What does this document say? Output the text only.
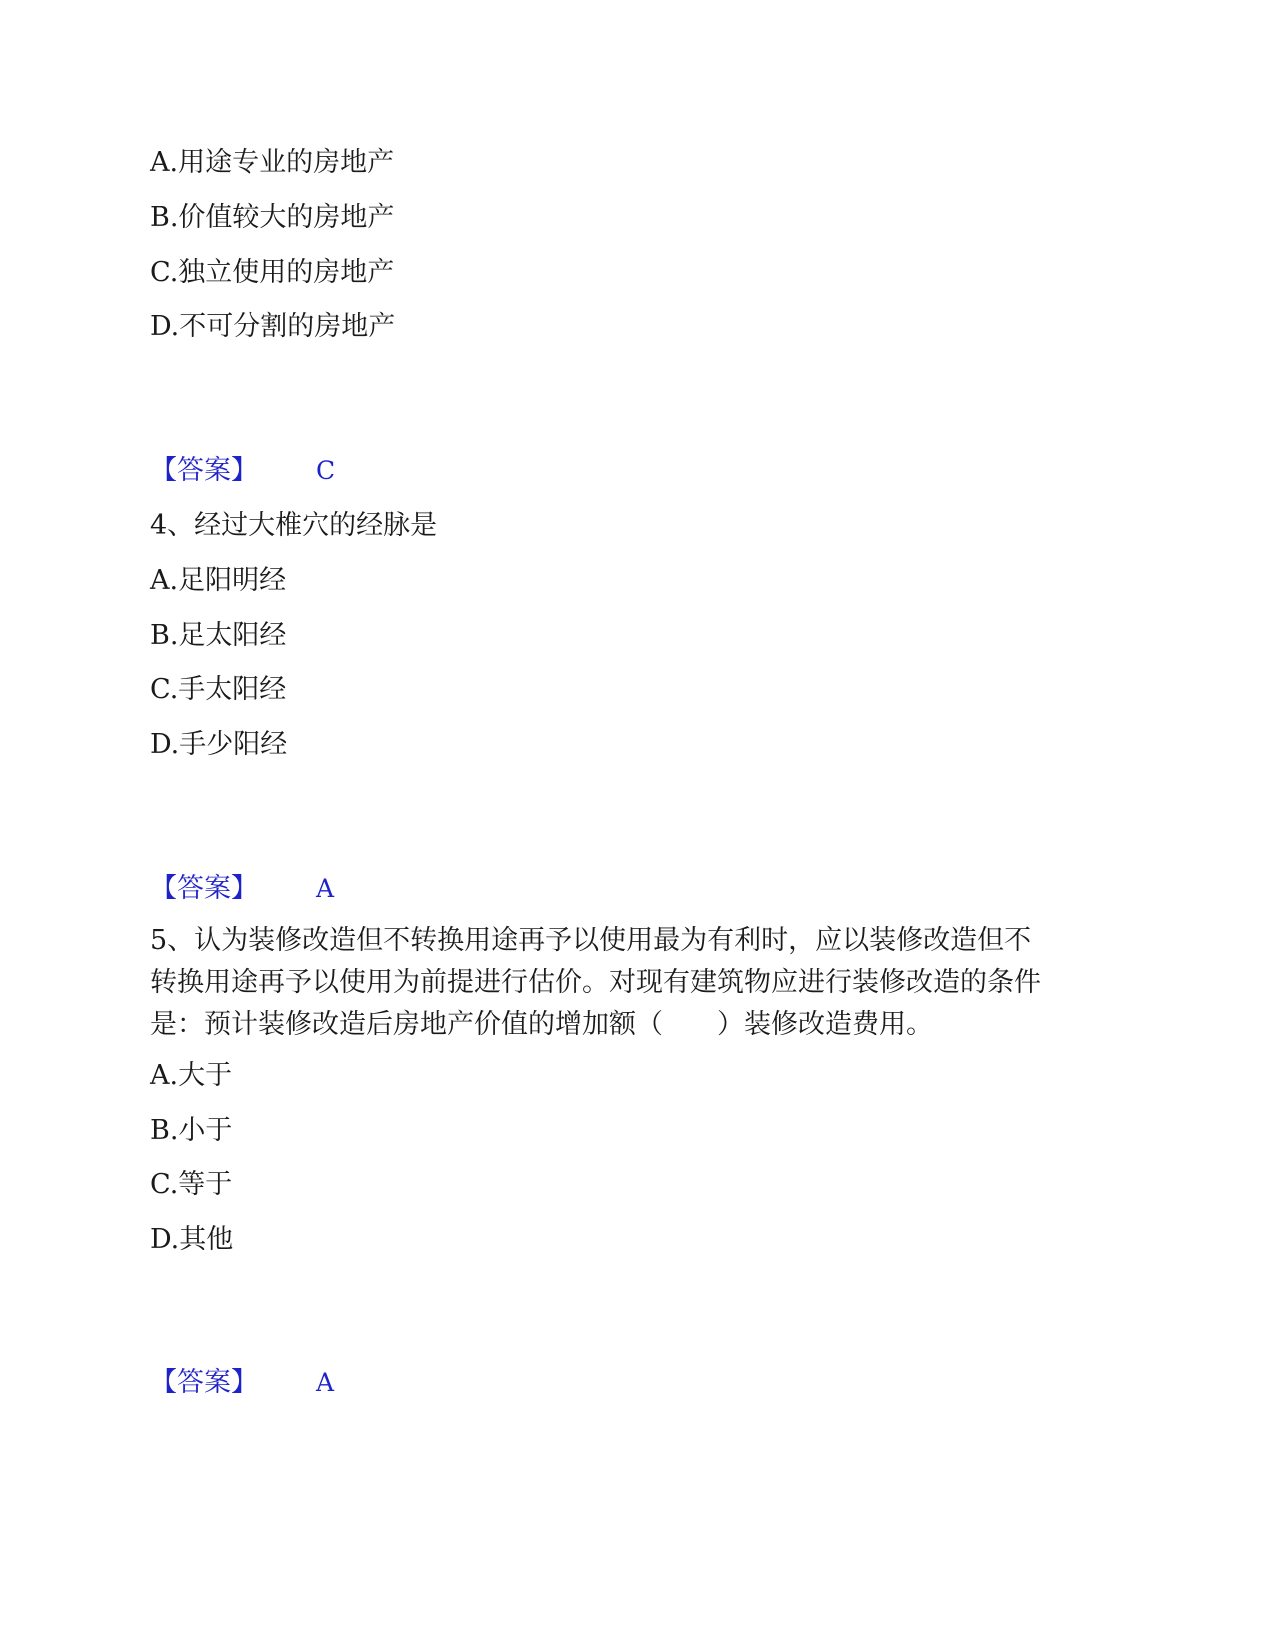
A.用途专业的房地产
B.价值较大的房地产
C.独立使用的房地产
D.不可分割的房地产
【答案】 C
4、经过大椎穴的经脉是
A.足阳明经
B.足太阳经
C.手太阳经
D.手少阳经
【答案】 A
5、认为装修改造但不转换用途再予以使用最为有利时，应以装修改造但不
转换用途再予以使用为前提进行估价。对现有建筑物应进行装修改造的条件
是：预计装修改造后房地产价值的增加额（　　）装修改造费用。
A.大于
B.小于
C.等于
D.其他
【答案】 A
